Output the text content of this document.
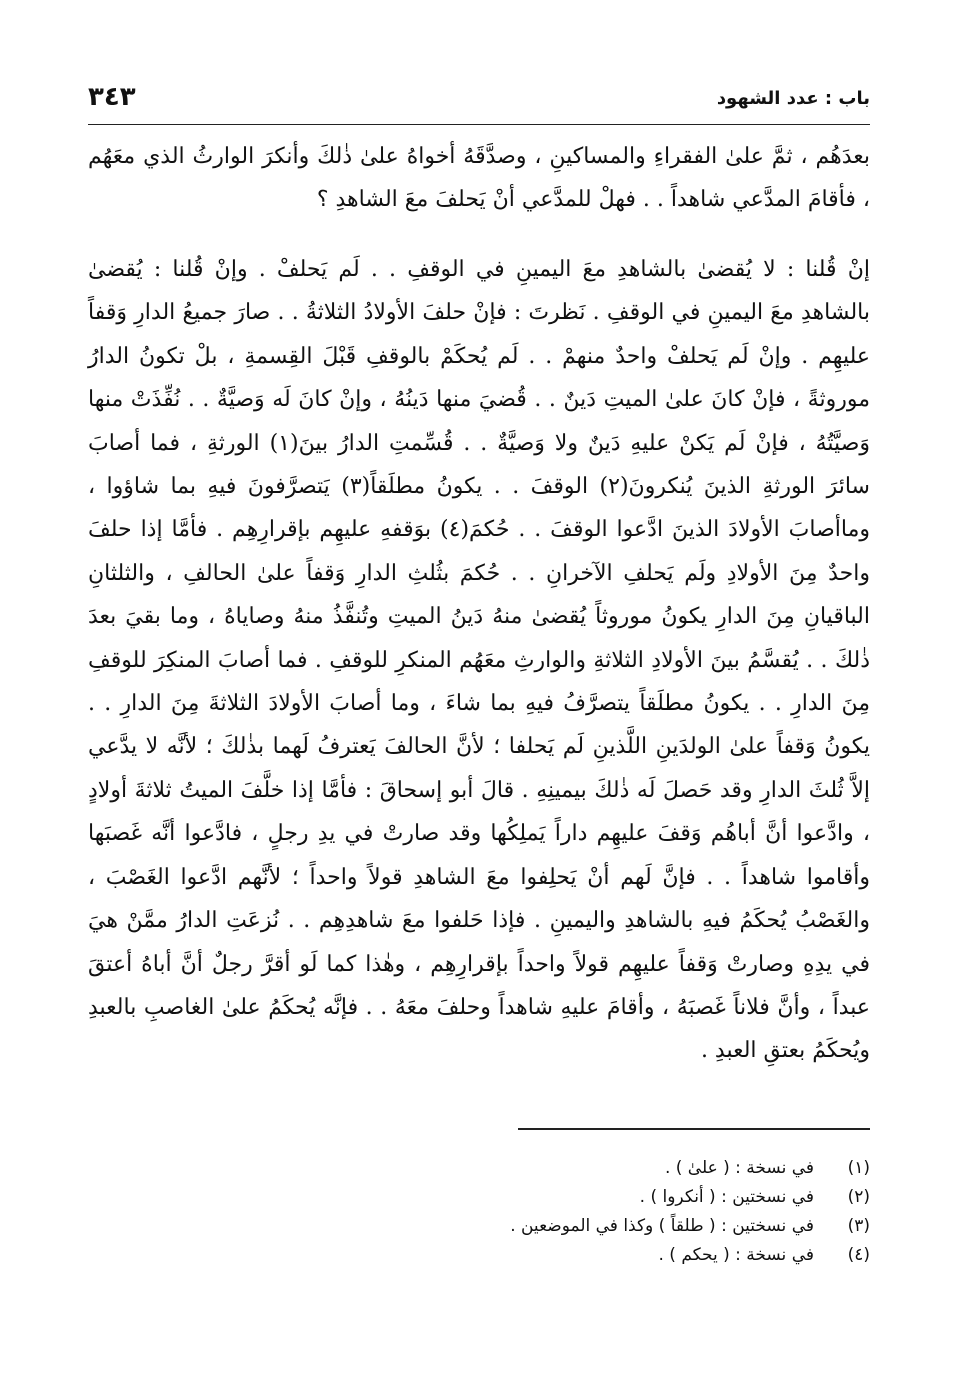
باب : عدد الشهود
٣٤٣

بعدَهُم ، ثمَّ علىٰ الفقراءِ والمساكينِ ، وصدَّقَهُ أخواهُ علىٰ ذٰلكَ وأنكرَ الوارثُ الذي معَهُم ، فأقامَ المدَّعي شاهداً . . فهلْ للمدَّعي أنْ يَحلفَ معَ الشاهدِ ؟

إنْ قُلنا : لا يُقضىٰ بالشاهدِ معَ اليمينِ في الوقفِ . . لَم يَحلفْ . وإنْ قُلنا : يُقضىٰ بالشاهدِ معَ اليمينِ في الوقفِ . نَظرتَ : فإنْ حلفَ الأولادُ الثلاثةُ . . صارَ جميعُ الدارِ وَقفاً عليهِم . وإنْ لَم يَحلفْ واحدٌ منهمْ . . لَم يُحكَمْ بالوقفِ قَبْلَ القِسمةِ ، بلْ تكونُ الدارُ موروثةً ، فإنْ كانَ علىٰ الميتِ دَينٌ . . قُضيَ منها دَينُهُ ، وإنْ كانَ لَه وَصيَّةٌ . . نُفِّذَتْ منها وَصيَّتُهُ ، فإنْ لَم يَكنْ عليهِ دَينٌ ولا وَصيَّةٌ . . قُسِّمتِ الدارُ بينَ(١) الورثةِ ، فما أصابَ سائرَ الورثةِ الذينَ يُنكرونَ(٢) الوقفَ . . يكونُ مطلَقاً(٣) يَتصرَّفونَ فيهِ بما شاؤوا ، وماأصابَ الأولادَ الذينَ ادَّعوا الوقفَ . . حُكمَ(٤) بوَقفهِ عليهِم بإقرارِهِم . فأمَّا إذا حلفَ واحدٌ مِنَ الأولادِ ولَم يَحلفِ الآخرانِ . . حُكمَ بثُلثِ الدارِ وَقفاً علىٰ الحالفِ ، والثلثانِ الباقيانِ مِنَ الدارِ يكونُ موروثاً يُقضىٰ منهُ دَينُ الميتِ وتُنفَّذُ منهُ وصاياهُ ، وما بقيَ بعدَ ذٰلكَ . . يُقسَّمُ بينَ الأولادِ الثلاثةِ والوارثِ معَهُم المنكرِ للوقفِ . فما أصابَ المنكِرَ للوقفِ مِنَ الدارِ . . يكونُ مطلَقاً يتصرَّفُ فيهِ بما شاءَ ، وما أصابَ الأولادَ الثلاثةَ مِنَ الدارِ . . يكونُ وَقفاً علىٰ الولدَينِ اللَّذينِ لَم يَحلفا ؛ لأنَّ الحالفَ يَعترفُ لَهما بذٰلكَ ؛ لأنَّه لا يدَّعي إلاَّ ثُلثَ الدارِ وقد حَصلَ لَه ذٰلكَ بيمينِهِ . قالَ أبو إسحاقَ : فأمَّا إذا خلَّفَ الميتُ ثلاثةَ أولادٍ ، وادَّعوا أنَّ أباهُم وَقفَ عليهِم داراً يَملِكُها وقد صارتْ في يدِ رجلٍ ، فادَّعوا أنَّه غَصبَها وأقاموا شاهداً . . فإنَّ لَهم أنْ يَحلِفوا معَ الشاهدِ قولاً واحداً ؛ لأنَّهم ادَّعوا الغَصْبَ ، والغَصْبُ يُحكَمُ فيهِ بالشاهدِ واليمينِ . فإذا حَلفوا معَ شاهدِهِم . . نُزعَتِ الدارُ ممَّنْ هيَ في يدِهِ وصارتْ وَقفاً عليهِم قولاً واحداً بإقرارِهِم ، وهٰذا كما لَو أقرَّ رجلٌ أنَّ أباهُ أعتقَ عبداً ، وأنَّ فلاناً غَصبَهُ ، وأقامَ عليهِ شاهداً وحلفَ معَهُ . . فإنَّه يُحكَمُ علىٰ الغاصبِ بالعبدِ ويُحكَمُ بعتقِ العبدِ .

(١)في نسخة : ( علىٰ ) .
(٢)في نسختين : ( أنكروا ) .
(٣)في نسختين : ( طلقاً ) وكذا في الموضعين .
(٤)في نسخة : ( يحكم ) .
